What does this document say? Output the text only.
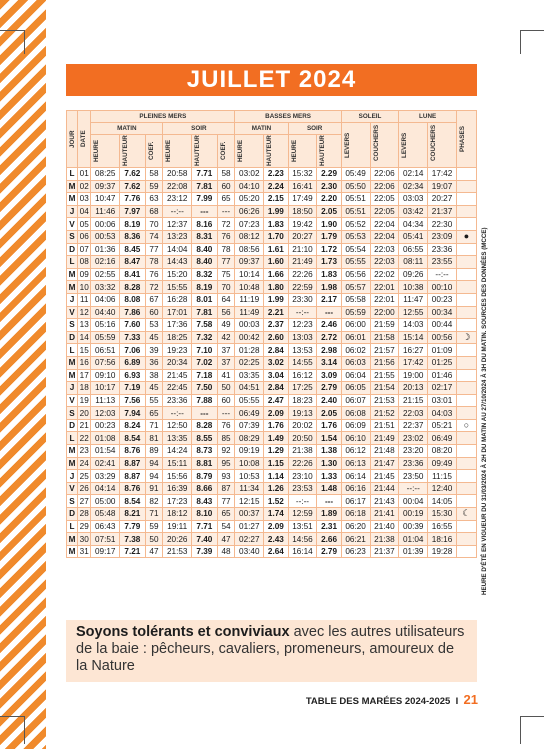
JUILLET 2024
JOUR	DATE	PLEINES MERS						BASSES MERS				SOLEIL		LUNE		PHASES

		MATIN			SOIR			MATIN		SOIR		LEVERS	COUCHERS	LEVERS	COUCHERS	

		HEURE	HAUTEUR	COEF.	HEURE	HAUTEUR	COEF.	HEURE	HAUTEUR	HEURE	HAUTEUR					

L	01	08:25	7.62	58	20:58	7.71	58	03:02	2.23	15:32	2.29	05:49	22:06	02:14	17:42	
M	02	09:37	7.62	59	22:08	7.81	60	04:10	2.24	16:41	2.30	05:50	22:06	02:34	19:07	
M	03	10:47	7.76	63	23:12	7.99	65	05:20	2.15	17:49	2.20	05:51	22:05	03:03	20:27	
J	04	11:46	7.97	68	--:--	---	---	06:26	1.99	18:50	2.05	05:51	22:05	03:42	21:37	
V	05	00:06	8.19	70	12:37	8.16	72	07:23	1.83	19:42	1.90	05:52	22:04	04:34	22:30	
S	06	00:53	8.36	74	13:23	8.31	76	08:12	1.70	20:27	1.79	05:53	22:04	05:41	23:09	●
D	07	01:36	8.45	77	14:04	8.40	78	08:56	1.61	21:10	1.72	05:54	22:03	06:55	23:36	
L	08	02:16	8.47	78	14:43	8.40	77	09:37	1.60	21:49	1.73	05:55	22:03	08:11	23:55	
M	09	02:55	8.41	76	15:20	8.32	75	10:14	1.66	22:26	1.83	05:56	22:02	09:26	--:--	
M	10	03:32	8.28	72	15:55	8.19	70	10:48	1.80	22:59	1.98	05:57	22:01	10:38	00:10	
J	11	04:06	8.08	67	16:28	8.01	64	11:19	1.99	23:30	2.17	05:58	22:01	11:47	00:23	
V	12	04:40	7.86	60	17:01	7.81	56	11:49	2.21	--:--	---	05:59	22:00	12:55	00:34	
S	13	05:16	7.60	53	17:36	7.58	49	00:03	2.37	12:23	2.46	06:00	21:59	14:03	00:44	
D	14	05:59	7.33	45	18:25	7.32	42	00:42	2.60	13:03	2.72	06:01	21:58	15:14	00:56	☽
L	15	06:51	7.06	39	19:23	7.10	37	01:28	2.84	13:53	2.98	06:02	21:57	16:27	01:09	
M	16	07:56	6.89	36	20:34	7.02	37	02:25	3.02	14:55	3.14	06:03	21:56	17:42	01:25	
M	17	09:10	6.93	38	21:45	7.18	41	03:35	3.04	16:12	3.09	06:04	21:55	19:00	01:46	
J	18	10:17	7.19	45	22:45	7.50	50	04:51	2.84	17:25	2.79	06:05	21:54	20:13	02:17	
V	19	11:13	7.56	55	23:36	7.88	60	05:55	2.47	18:23	2.40	06:07	21:53	21:15	03:01	
S	20	12:03	7.94	65	--:--	---	---	06:49	2.09	19:13	2.05	06:08	21:52	22:03	04:03	
D	21	00:23	8.24	71	12:50	8.28	76	07:39	1.76	20:02	1.76	06:09	21:51	22:37	05:21	○
L	22	01:08	8.54	81	13:35	8.55	85	08:29	1.49	20:50	1.54	06:10	21:49	23:02	06:49	
M	23	01:54	8.76	89	14:24	8.73	92	09:19	1.29	21:38	1.38	06:12	21:48	23:20	08:20	
M	24	02:41	8.87	94	15:11	8.81	95	10:08	1.15	22:26	1.30	06:13	21:47	23:36	09:49	
J	25	03:29	8.87	94	15:56	8.79	93	10:53	1.14	23:10	1.33	06:14	21:45	23:50	11:15	
V	26	04:14	8.76	91	16:39	8.66	87	11:34	1.26	23:53	1.48	06:16	21:44	--:--	12:40	
S	27	05:00	8.54	82	17:23	8.43	77	12:15	1.52	--:--	---	06:17	21:43	00:04	14:05	
D	28	05:48	8.21	71	18:12	8.10	65	00:37	1.74	12:59	1.89	06:18	21:41	00:19	15:30	☾
L	29	06:43	7.79	59	19:11	7.71	54	01:27	2.09	13:51	2.31	06:20	21:40	00:39	16:55	
M	30	07:51	7.38	50	20:26	7.40	47	02:27	2.43	14:56	2.66	06:21	21:38	01:04	18:16	
M	31	09:17	7.21	47	21:53	7.39	48	03:40	2.64	16:14	2.79	06:23	21:37	01:39	19:28		HEURE D'ÉTÉ EN VIGUEUR DU 31/03/2024 À 2H DU MATIN AU 27/10/2024 À 3H DU MATIN. SOURCES DES DONNÉES (MCCE)
Soyons tolérants et conviviaux avec les autres utilisateurs de la baie : pêcheurs, cavaliers, promeneurs, amoureux de la Nature
TABLE DES MARÉES 2024-2025 I 21
